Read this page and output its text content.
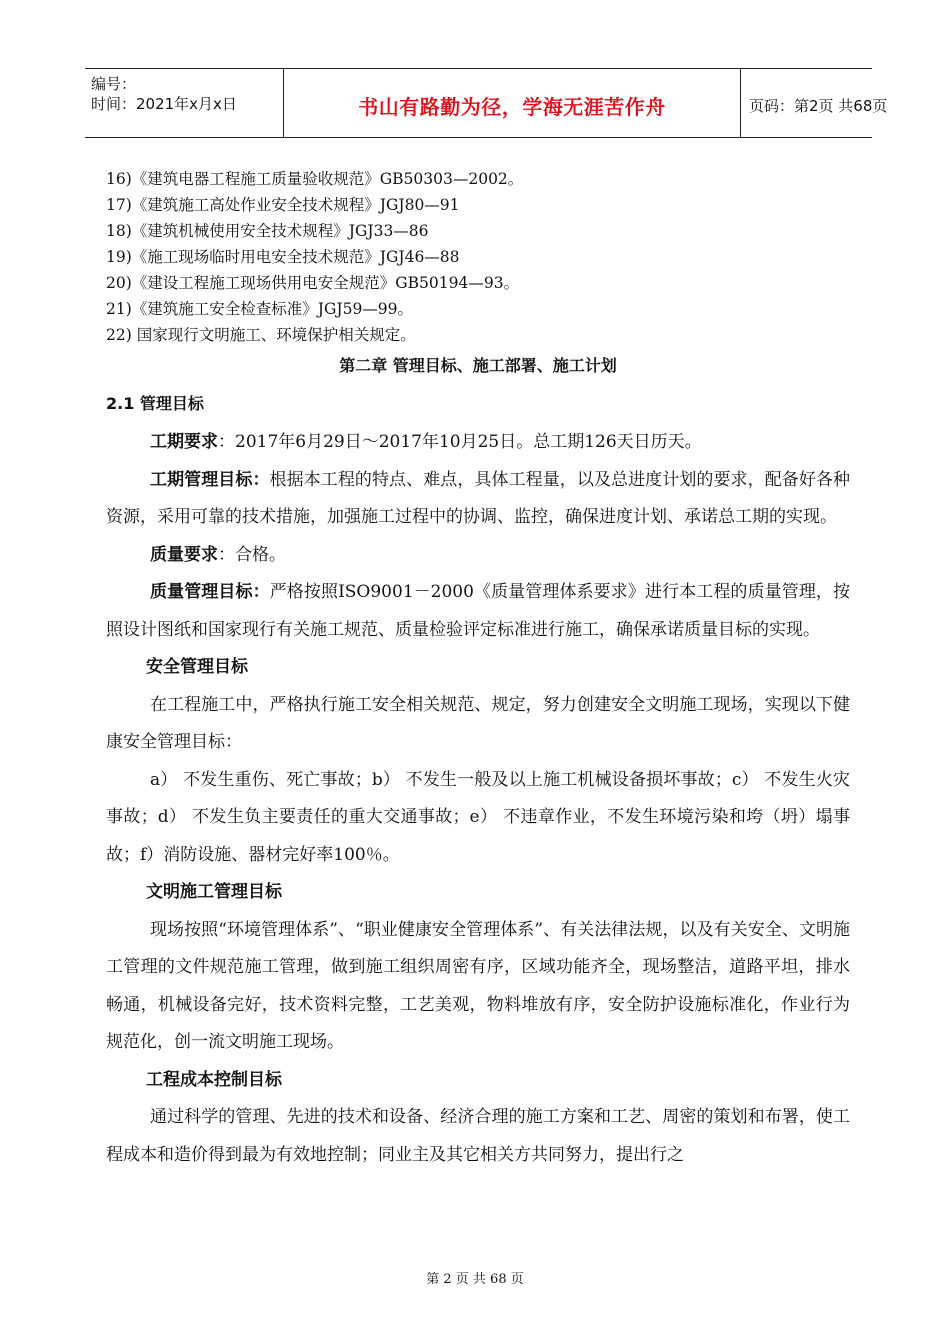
编号：
时间：2021年x月x日	书山有路勤为径，学海无涯苦作舟	页码：第2页 共68页
16)《建筑电器工程施工质量验收规范》GB50303—2002。
17)《建筑施工高处作业安全技术规程》JGJ80—91
18)《建筑机械使用安全技术规程》JGJ33—86
19)《施工现场临时用电安全技术规范》JGJ46—88
20)《建设工程施工现场供用电安全规范》GB50194—93。
21)《建筑施工安全检查标准》JGJ59—99。
22) 国家现行文明施工、环境保护相关规定。
第二章 管理目标、施工部署、施工计划
2.1 管理目标

工期要求：2017年6月29日～2017年10月25日。总工期126天日历天。

工期管理目标：根据本工程的特点、难点，具体工程量，以及总进度计划的要求，配备好各种资源，采用可靠的技术措施，加强施工过程中的协调、监控，确保进度计划、承诺总工期的实现。

质量要求：合格。

质量管理目标：严格按照ISO9001－2000《质量管理体系要求》进行本工程的质量管理，按照设计图纸和国家现行有关施工规范、质量检验评定标准进行施工，确保承诺质量目标的实现。

安全管理目标

在工程施工中，严格执行施工安全相关规范、规定，努力创建安全文明施工现场，实现以下健康安全管理目标：

a） 不发生重伤、死亡事故；b） 不发生一般及以上施工机械设备损坏事故；c） 不发生火灾事故；d） 不发生负主要责任的重大交通事故；e） 不违章作业，不发生环境污染和垮（坍）塌事故；f）消防设施、器材完好率100％。

文明施工管理目标

现场按照“环境管理体系”、“职业健康安全管理体系”、有关法律法规，以及有关安全、文明施工管理的文件规范施工管理，做到施工组织周密有序，区域功能齐全，现场整洁，道路平坦，排水畅通，机械设备完好，技术资料完整，工艺美观，物料堆放有序，安全防护设施标准化，作业行为规范化，创一流文明施工现场。

工程成本控制目标

通过科学的管理、先进的技术和设备、经济合理的施工方案和工艺、周密的策划和布署，使工程成本和造价得到最为有效地控制；同业主及其它相关方共同努力，提出行之

第 2 页 共 68 页
